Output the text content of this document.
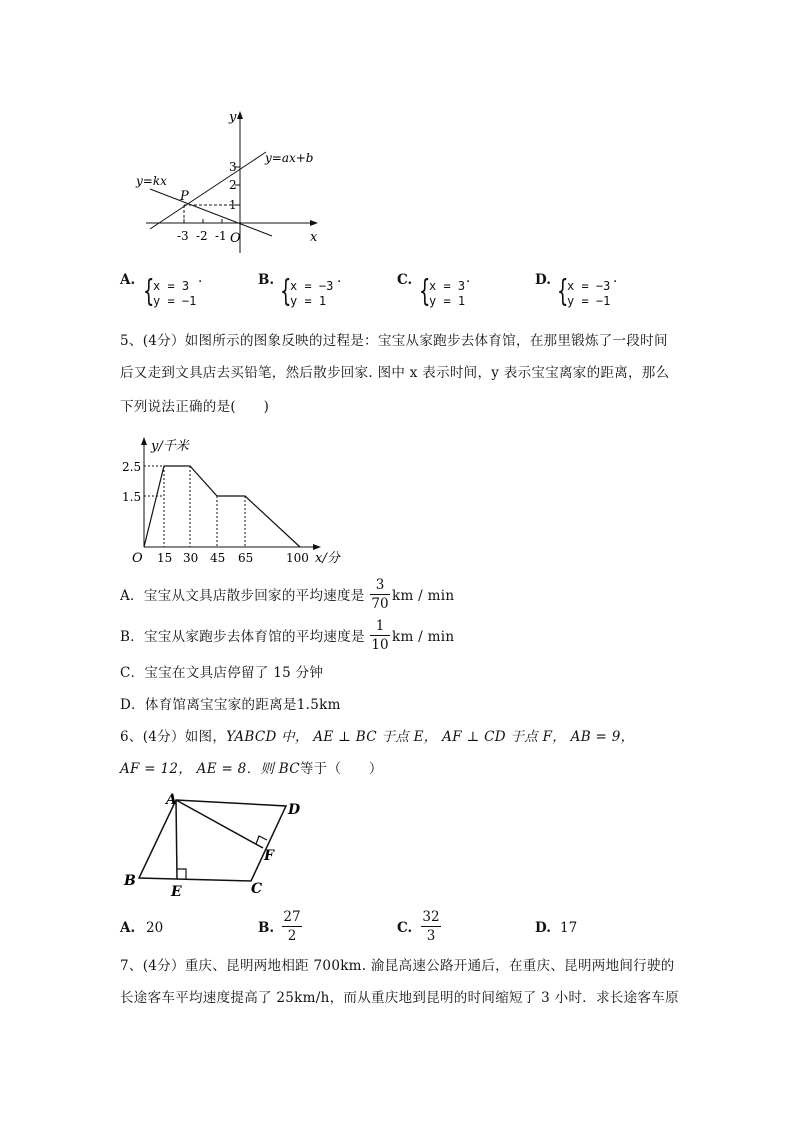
y
x
O
P
y=ax+b
y=kx
3
2
1
-3 -2 -1
A. {
x = 3
y = −1
·	B. {
x = −3
y = 1
·	C. {
x = 3
y = 1
·	D. {
x = −3
y = −1
·
5、(4分）如图所示的图象反映的过程是：宝宝从家跑步去体育馆，在那里锻炼了一段时间
后又走到文具店去买铅笔，然后散步回家. 图中 x 表示时间，y 表示宝宝离家的距离，那么
下列说法正确的是(　　)
y/千米
x/分
O
2.5
1.5
15 30 45 65	100
A．宝宝从文具店散步回家的平均速度是
3
70 km / min
B．宝宝从家跑步去体育馆的平均速度是
1
10 km / min
C．宝宝在文具店停留了 15 分钟
D．体育馆离宝宝家的距离是1.5km
6、(4分）如图，YABCD 中， AE ⊥ BC 于点 E， AF ⊥ CD 于点 F， AB = 9，
AF = 12， AE = 8．则 BC等于（　　）
A
D
F
B
E	C
A. 20	B.
27
2	C.
32
3	D. 17
7、(4分）重庆、昆明两地相距 700km. 渝昆高速公路开通后，在重庆、昆明两地间行驶的
长途客车平均速度提高了 25km/h，而从重庆地到昆明的时间缩短了 3 小时．求长途客车原
